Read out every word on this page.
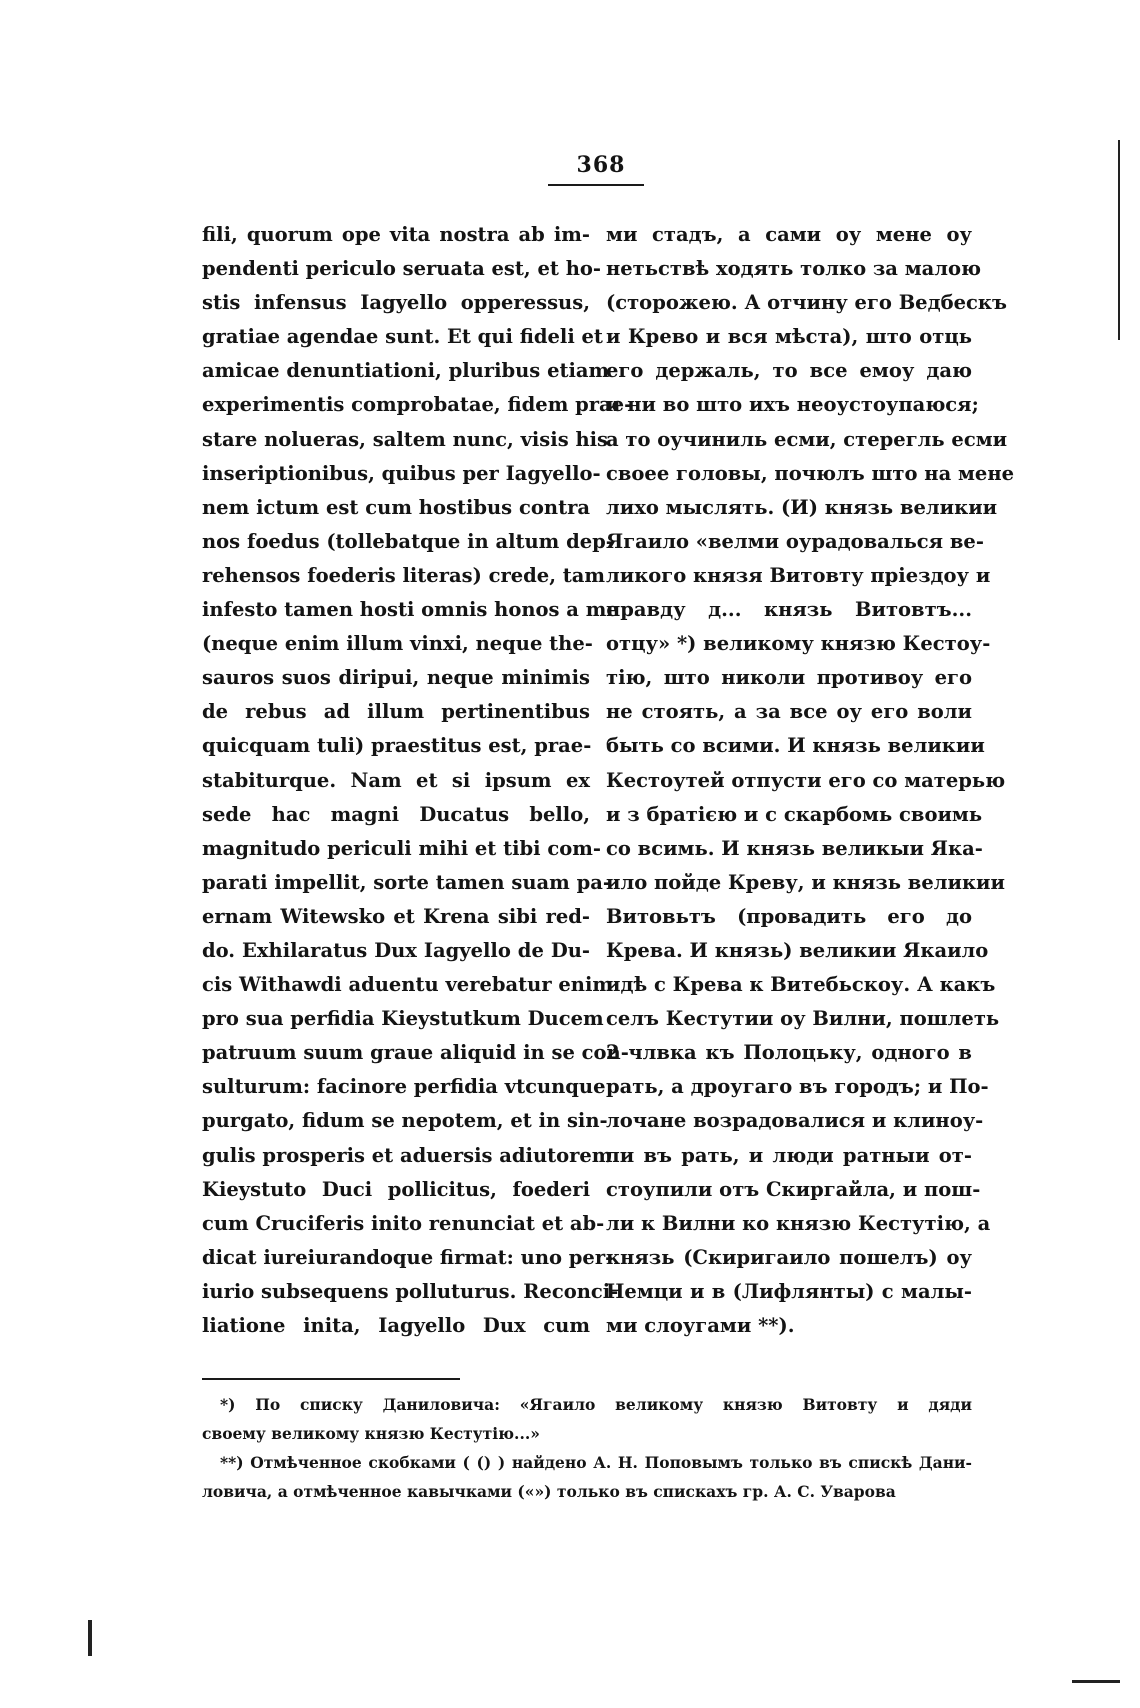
368
fili, quorum ope vita nostra ab im-
pendenti periculo seruata est, et ho-
stis infensus Iagyello opperessus,
gratiae agendae sunt. Et qui fideli et
amicae denuntiationi, pluribus etiam
experimentis comprobatae, fidem prae-
stare nolueras, saltem nunc, visis his
inseriptionibus, quibus per Iagyello-
nem ictum est cum hostibus contra
nos foedus (tollebatque in altum dep-
rehensos foederis literas) crede, tam
infesto tamen hosti omnis honos a me
(neque enim illum vinxi, neque the-
sauros suos diripui, neque minimis
de rebus ad illum pertinentibus
quicquam tuli) praestitus est, prae-
stabiturque. Nam et si ipsum ex
sede hac magni Ducatus bello,
magnitudo periculi mihi et tibi com-
parati impellit, sorte tamen suam pa-
ernam Witewsko et Krena sibi red-
do. Exhilaratus Dux Iagyello de Du-
cis Withawdi aduentu verebatur enim
pro sua perfidia Kieystutkum Ducem
patruum suum graue aliquid in se con-
sulturum: facinore perfidia vtcunque
purgato, fidum se nepotem, et in sin-
gulis prosperis et aduersis adiutorem
Kieystuto Duci pollicitus, foederi
cum Cruciferis inito renunciat et ab-
dicat iureiurandoque firmat: uno per-
iurio subsequens polluturus. Reconci-
liatione inita, Iagyello Dux cum
ми стадъ, а сами оу мене оу
нетьствѣ ходять толко за малою
(сторожею. А отчину его Ведбескъ
и Крево и вся мѣста), што отць
его держаль, то все емоу даю
и ни во што ихъ неоустоупаюся;
а то оучиниль есми, стерегль есми
своее головы, почюлъ што на мене
лихо мыслять. (И) князь великии
Ягаило «велми оурадовалься ве-
ликого князя Витовту пріездоу и
правду д... князь Витовтъ...
отцу» *) великому князю Кестоу-
тію, што николи противоу его
не стоять, а за все оу его воли
быть со всими. И князь великии
Кестоутей отпусти его со матерью
и з братією и с скарбомь своимь
со всимь. И князь великыи Яка-
ило пойде Креву, и князь великии
Витовьтъ (провадить его до
Крева. И князь) великии Якаило
идѣ с Крева к Витебьскоу. А какъ
селъ Кестутии оу Вилни, пошлеть
2 члвка къ Полоцьку, одного в
рать, а дроугаго въ городъ; и По-
лочане возрадовалися и клиноу-
ли въ рать, и люди ратныи от-
стоупили отъ Скиргайла, и пош-
ли к Вилни ко князю Кестутію, а
князь (Скиригаило пошелъ) оу
Немци и в (Лифлянты) с малы-
ми слоугами **).
*) По списку Даниловича: «Ягаило великому князю Витовту и дяди
своему великому князю Кестутію...»
**) Отмѣченное скобками ( () ) найдено А. Н. Поповымъ только въ спискѣ Дани-
ловича, а отмѣченное кавычками («») только въ спискахъ гр. А. С. Уварова
